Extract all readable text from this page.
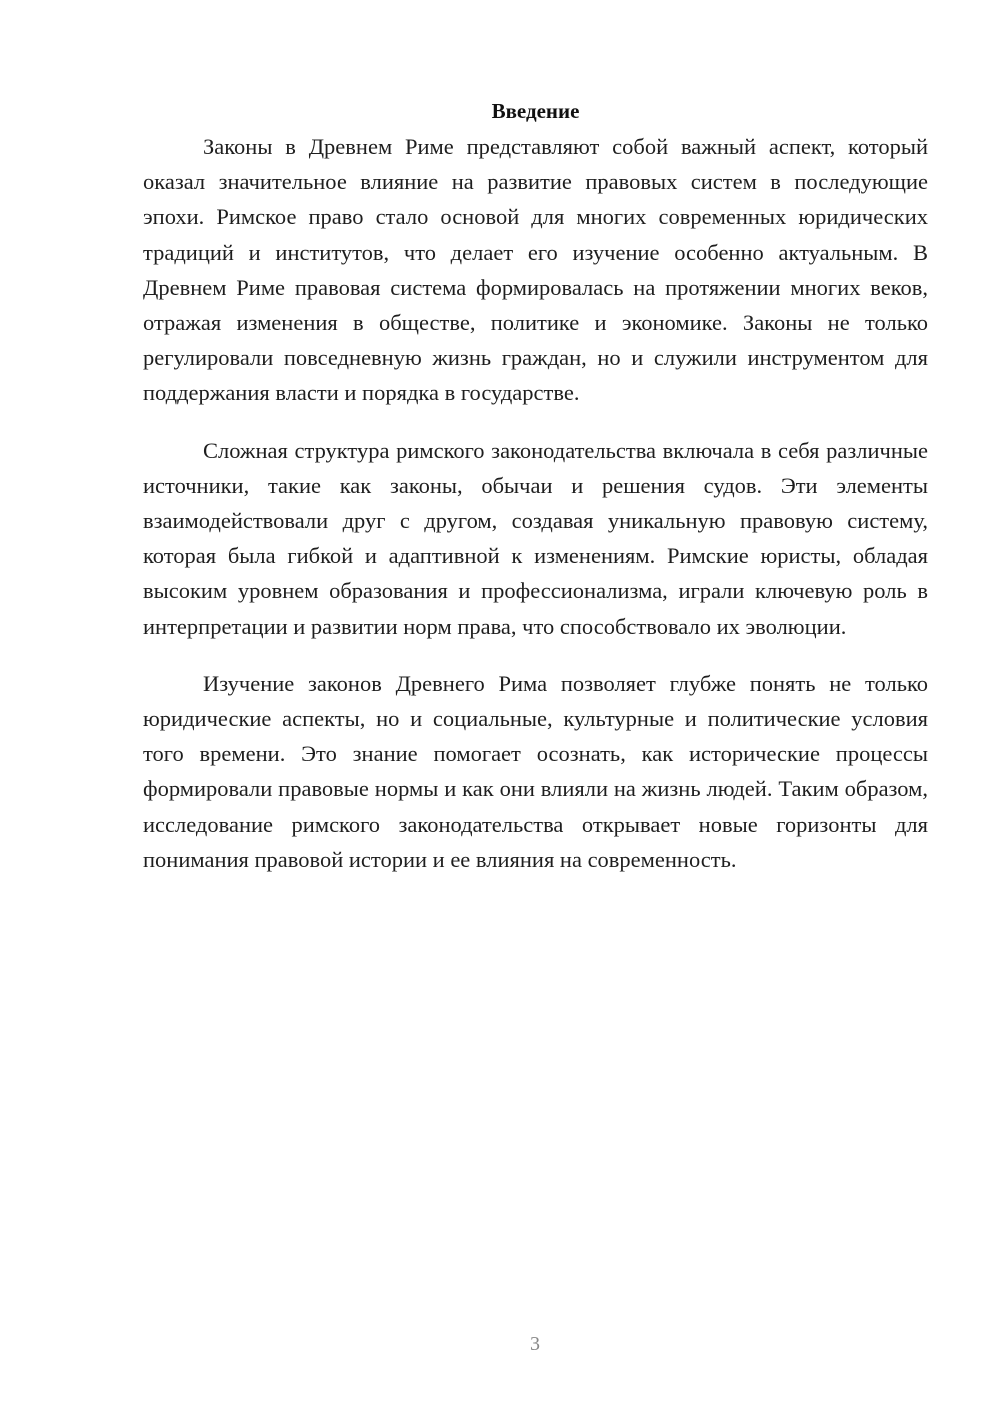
Введение

Законы в Древнем Риме представляют собой важный аспект, который оказал значительное влияние на развитие правовых систем в последующие эпохи. Римское право стало основой для многих современных юридических традиций и институтов, что делает его изучение особенно актуальным. В Древнем Риме правовая система формировалась на протяжении многих веков, отражая изменения в обществе, политике и экономике. Законы не только регулировали повседневную жизнь граждан, но и служили инструментом для поддержания власти и порядка в государстве.

Сложная структура римского законодательства включала в себя различные источники, такие как законы, обычаи и решения судов. Эти элементы взаимодействовали друг с другом, создавая уникальную правовую систему, которая была гибкой и адаптивной к изменениям. Римские юристы, обладая высоким уровнем образования и профессионализма, играли ключевую роль в интерпретации и развитии норм права, что способствовало их эволюции.

Изучение законов Древнего Рима позволяет глубже понять не только юридические аспекты, но и социальные, культурные и политические условия того времени. Это знание помогает осознать, как исторические процессы формировали правовые нормы и как они влияли на жизнь людей. Таким образом, исследование римского законодательства открывает новые горизонты для понимания правовой истории и ее влияния на современность.

3
